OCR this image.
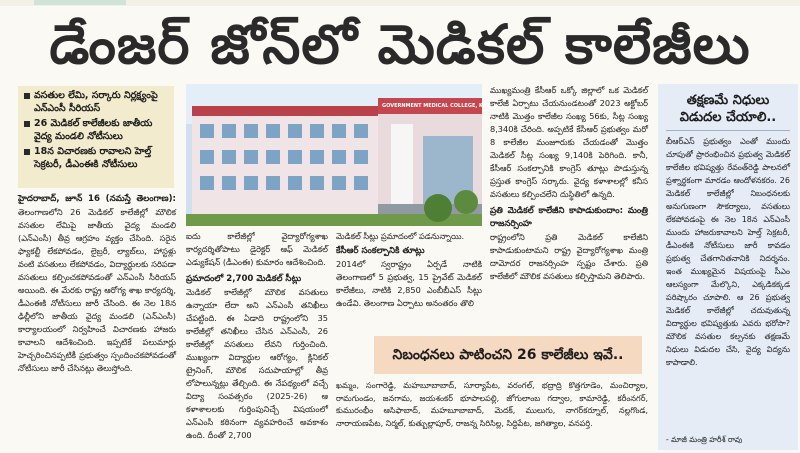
డేంజర్ జోన్‌లో మెడికల్ కాలేజీలు
వసతుల లేమి, సర్కారు నిర్లక్ష్యంపై ఎన్ఎంసీ సీరియస్
26 మెడికల్ కాలేజీలకు జాతీయ వైద్య మండలి నోటీసులు
18న విచారణకు రావాలని హెల్త్ సెక్రటరీ, డీఎంఈకి నోటీసులు
హైదరాబాద్, జూన్ 16 (నమస్తే తెలంగాణ): తెలంగాణలోని 26 మెడికల్ కాలేజీల్లో మౌలిక వసతుల లేమిపై జాతీయ వైద్య మండలి (ఎన్ఎంసీ) తీవ్ర ఆగ్రహం వ్యక్తం చేసింది. సరైన ఫ్యాకల్టీ లేకపోవడం, లైబ్రరీ, ల్యాబ్‌లు, హాస్టళ్లు వంటి వసతులు లేకపోవడం, విద్యార్థులకు సరిపడా వసతులు కల్పించకపోవడంతో ఎన్ఎంసీ సీరియస్ అయింది. ఈ మేరకు రాష్ట్ర ఆరోగ్య శాఖ కార్యదర్శి, డీఎంఈకి నోటీసులు జారీ చేసింది. ఈ నెల 18న ఢిల్లీలోని జాతీయ వైద్య మండలి (ఎన్ఎంసీ) కార్యాలయంలో నిర్వహించే విచారణకు హాజరు కావాలని ఆదేశించింది. ఇప్పటికే పలుమార్లు హెచ్చరించినప్పటికీ ప్రభుత్వం స్పందించకపోవడంతో నోటీసులు జారీ చేసినట్లు తెలుస్తోంది.
GOVERNMENT MEDICAL COLLEGE, KAMAREDDY
ఐదు కాలేజీల్లో వైద్యారోగ్యశాఖ కార్యదర్శితోపాటు డైరెక్టర్ ఆఫ్ మెడికల్ ఎడ్యుకేషన్ (డీఎంఈ) కుమారం ఆదేశించింది.
ప్రమాదంలో 2,700 మెడికల్ సీట్లు
మెడికల్ కాలేజీల్లో మౌలిక వసతులు ఉన్నాయా లేదా అని ఎన్ఎంసీ తనిఖీలు చేపట్టింది. ఈ ఏడాది రాష్ట్రంలోని 35 కాలేజీల్లో తనిఖీలు చేసిన ఎన్ఎంసీ, 26 కాలేజీల్లో వసతులు లేవని గుర్తించింది. ముఖ్యంగా విద్యార్థుల ఆరోగ్యం, క్లినికల్ ట్రైనింగ్, మౌలిక సదుపాయాల్లో తీవ్ర లోపాలున్నట్లు తేల్చింది. ఈ నేపథ్యంలో వచ్చే విద్యా సంవత్సరం (2025-26) ఆ కళాశాలలకు గుర్తింపునిచ్చే విషయంలో ఎన్ఎంసీ కఠినంగా వ్యవహరించే అవకాశం ఉంది. దీంతో 2,700
మెడికల్ సీట్లు ప్రమాదంలో పడనున్నాయి.
కేసీఆర్ సంకల్పానికి తూట్లు
2014లో స్వరాష్ట్రం ఏర్పడే నాటికి తెలంగాణలో 5 ప్రభుత్వ, 15 ప్రైవేట్ మెడికల్ కాలేజీలు, నాటికి 2,850 ఎంబీబీఎస్ సీట్లు ఉండేవి. తెలంగాణ ఏర్పాటు అనంతరం తొలి
ముఖ్యమంత్రి కేసీఆర్ ఒక్కో జిల్లాలో ఒక మెడికల్ కాలేజీ ఏర్పాటు చేయనుండటంతో 2023 అక్టోబర్ నాటికి మొత్తం కాలేజీల సంఖ్య 56కు, సీట్ల సంఖ్య 8,340కి చేరింది. అప్పటికే కేసీఆర్ ప్రభుత్వం మరో 8 కాలేజీల మంజూరుకు చేయడంతో మొత్తం మెడికల్ సీట్ల సంఖ్య 9,140కి పెరిగింది. కానీ, కేసీఆర్ సంకల్పానికి కాంగ్రెస్ తూట్లు పొడుస్తున్న ప్రస్తుత కాంగ్రెస్ సర్కారు. వైద్య కళాశాలల్లో కనీస వసతులు కల్పించలేని దుస్థితిలో ఉన్నది.
ప్రతి మెడికల్ కాలేజీని కాపాడుకుందాం: మంత్రి రాజనర్సింహ
రాష్ట్రంలోని ప్రతి మెడికల్ కాలేజీని కాపాడుకుంటామని రాష్ట్ర వైద్యారోగ్యశాఖ మంత్రి దామోదర రాజనర్సింహ స్పష్టం చేశారు. ప్రతి కాలేజీలో మౌలిక వసతులు కల్పిస్తామని తెలిపారు.
నిబంధనలు పాటించని 26 కాలేజీలు ఇవే..
ఖమ్మం, సంగారెడ్డి, మహబూబాబాద్, సూర్యాపేట, వరంగల్, భద్రాద్రి కొత్తగూడెం, మంచిర్యాల, రామగుండం, జనగామ, జయశంకర్ భూపాలపల్లి, జోగులాంబ గద్వాల, కామారెడ్డి, కరీంనగర్, కుమురంభీం ఆసిఫాబాద్, మహబూబాబాద్, మెదక్, ములుగు, నాగర్‌కర్నూల్, నల్లగొండ, నారాయణపేట, నిర్మల్, కుత్బుల్లాపూర్, రాజన్న సిరిసిల్ల, సిద్దిపేట, జగిత్యాల, వనపర్తి.
తక్షణమే నిధులు
విడుదల చేయాలి..
బీఆర్ఎస్ ప్రభుత్వం ఎంతో ముందు చూపుతో ప్రారంభించిన ప్రభుత్వ మెడికల్ కాలేజీల భవిష్యత్తు రేవంత్‌రెడ్డి పాలనలో ప్రశ్నార్థకంగా మారడం ఆందోళనకరం. 26 మెడికల్ కాలేజీల్లో నిబంధనలకు అనుగుణంగా సౌకర్యాలు, వసతులు లేకపోవడంపై ఈ నెల 18న ఎన్ఎంసీ ముందు హాజరుకావాలని హెల్త్ సెక్రటరీ, డీఎంఈకి నోటీసులు జారీ కావడం ప్రభుత్వ చేతగానితనానికి నిదర్శనం. ఇంత ముఖ్యమైన విషయంపై సీఎం ఆలస్యంగా మేల్కొని, ఎక్కడికక్కడ పరిష్కారం చూపాలి. ఆ 26 ప్రభుత్వ మెడికల్ కాలేజీల్లో చదువుతున్న విద్యార్థుల భవిష్యత్తుకు ఎవరు భరోసా? మౌలిక వసతుల కల్పనకు తక్షణమే నిధులు విడుదల చేసి, వైద్య విద్యను కాపాడాలి.
- మాజీ మంత్రి హరీశ్ రావు
